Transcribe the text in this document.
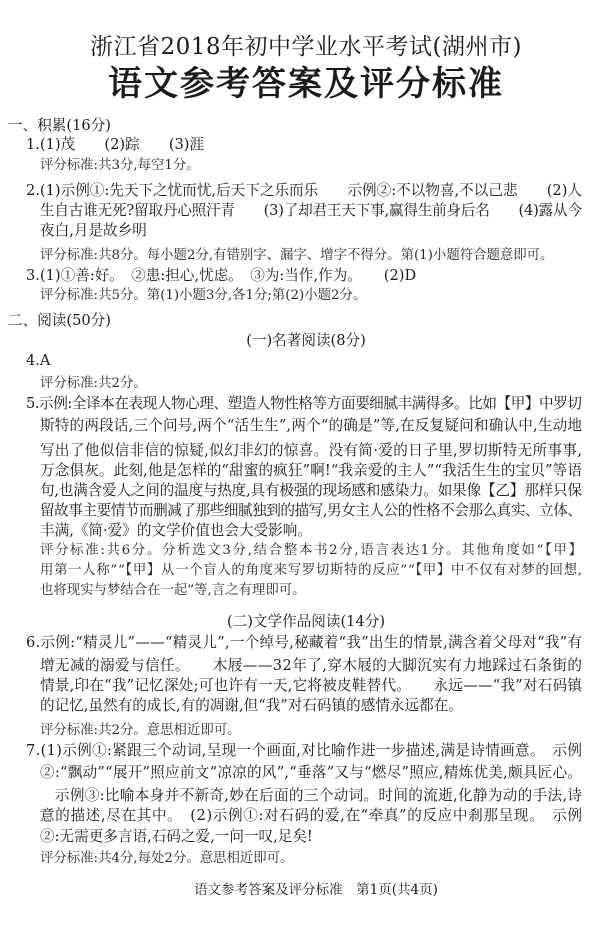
浙江省2018年初中学业水平考试(湖州市)
语文参考答案及评分标准
一、积累(16分)
1.(1)茂　　(2)踪　　(3)涯
评分标准:共3分,每空1分。
2.(1)示例①:先天下之忧而忧,后天下之乐而乐　　示例②:不以物喜,不以己悲　　(2)人
生自古谁无死?留取丹心照汗青　　(3)了却君王天下事,赢得生前身后名　　(4)露从今
夜白,月是故乡明
评分标准:共8分。每小题2分,有错别字、漏字、增字不得分。第(1)小题符合题意即可。
3.(1)①善:好。　②患:担心,忧虑。　③为:当作,作为。　　(2)D
评分标准:共5分。第(1)小题3分,各1分;第(2)小题2分。
二、阅读(50分)
(一)名著阅读(8分)
4.A
评分标准:共2分。
5.示例:全译本在表现人物心理、塑造人物性格等方面要细腻丰满得多。比如【甲】中罗切
斯特的两段话,三个问号,两个“活生生”,两个“的确是”等,在反复疑问和确认中,生动地
写出了他似信非信的惊疑,似幻非幻的惊喜。没有简·爱的日子里,罗切斯特无所事事,
万念俱灰。此刻,他是怎样的“甜蜜的疯狂”啊!“我亲爱的主人”“我活生生的宝贝”等语
句,也满含爱人之间的温度与热度,具有极强的现场感和感染力。如果像【乙】那样只保
留故事主要情节而删减了那些细腻独到的描写,男女主人公的性格不会那么真实、立体、
丰满,《简·爱》的文学价值也会大受影响。
评分标准:共6分。分析选文3分,结合整本书2分,语言表达1分。其他角度如“【甲】
用第一人称”“【甲】从一个盲人的角度来写罗切斯特的反应”“【甲】中不仅有对梦的回想,
也将现实与梦结合在一起”等,言之有理即可。
(二)文学作品阅读(14分)
6.示例:“精灵儿”——“精灵儿”,一个绰号,秘藏着“我”出生的情景,满含着父母对“我”有
增无减的溺爱与信任。　　木屐——32年了,穿木屐的大脚沉实有力地踩过石条街的
情景,印在“我”记忆深处;可也许有一天,它将被皮鞋替代。　　永远——“我”对石码镇
的记忆,虽然有的成长,有的凋谢,但“我”对石码镇的感情永远都在。
评分标准:共2分。意思相近即可。
7.(1)示例①:紧跟三个动词,呈现一个画面,对比喻作进一步描述,满是诗情画意。　示例
②:“飘动”“展开”照应前文“凉凉的风”,“垂落”又与“燃尽”照应,精炼优美,颇具匠心。
　示例③:比喻本身并不新奇,妙在后面的三个动词。时间的流逝,化静为动的手法,诗
意的描述,尽在其中。　(2)示例①:对石码的爱,在“牵真”的反应中刹那呈现。　示例
②:无需更多言语,石码之爱,一问一叹,足矣!
评分标准:共4分,每处2分。意思相近即可。
语文参考答案及评分标准　第1页(共4页)
